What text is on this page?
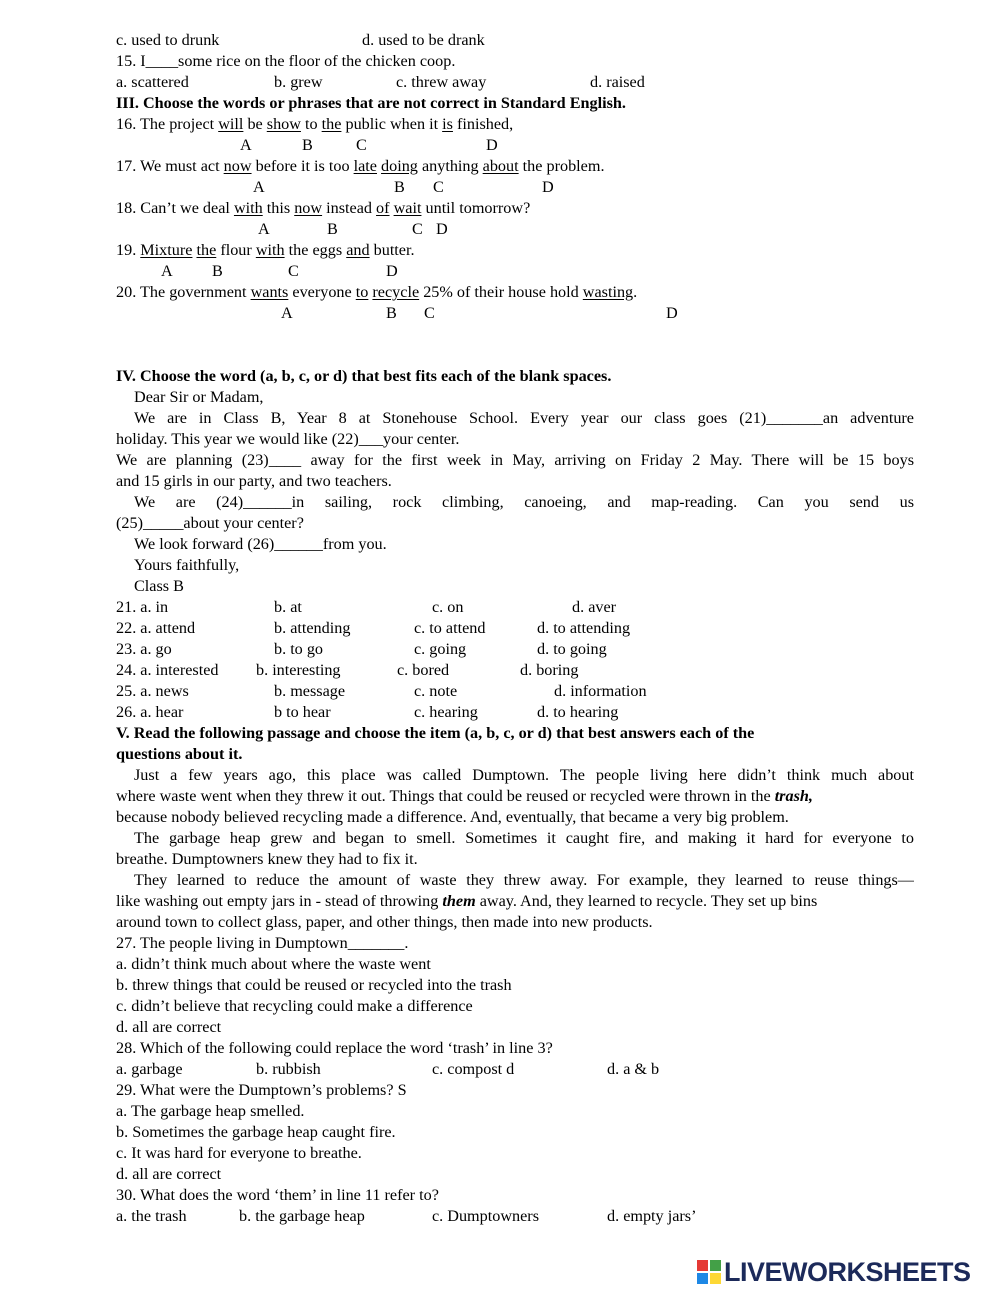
c. used to drunk	d. used to be drank
15. I____some rice on the floor of the chicken coop.
a. scattered	b. grew	c. threw away	d. raised
III. Choose the words or phrases that are not correct in Standard English.
16. The project will be show to the public when it is finished,
A	B	C	D
17. We must act now before it is too late doing anything about the problem.
A	B C	D
18. Can’t we deal with this now instead of wait until tomorrow?
A	B	C D
19. Mixture the flour with the eggs and butter.
A B	C	D
20. The government wants everyone to recycle 25% of their house hold wasting.
A	B C	D
IV. Choose the word (a, b, c, or d) that best fits each of the blank spaces.
Dear Sir or Madam,
We are in Class B, Year 8 at Stonehouse School. Every year our class goes (21)_______an adventure
holiday. This year we would like (22)___your center.
We are planning (23)____ away for the first week in May, arriving on Friday 2 May. There will be 15 boys
and 15 girls in our party, and two teachers.
We are (24)______in sailing, rock climbing, canoeing, and map-reading. Can you send us
(25)_____about your center?
We look forward (26)______from you.
Yours faithfully,
Class B
21. a. in	b. at	c. on	d. aver
22. a. attend	b. attending	c. to attend	d. to attending
23. a. go	b. to go	c. going	d. to going
24. a. interested b. interesting	c. bored	d. boring
25. a. news	b. message	c. note	d. information
26. a. hear	b to hear	c. hearing	d. to hearing
V. Read the following passage and choose the item (a, b, c, or d) that best answers each of the
questions about it.
Just a few years ago, this place was called Dumptown. The people living here didn’t think much about
where waste went when they threw it out. Things that could be reused or recycled were thrown in the trash,
because nobody believed recycling made a difference. And, eventually, that became a very big problem.
The garbage heap grew and began to smell. Sometimes it caught fire, and making it hard for everyone to
breathe. Dumptowners knew they had to fix it.
They learned to reduce the amount of waste they threw away. For example, they learned to reuse things—
like washing out empty jars in - stead of throwing them away. And, they learned to recycle. They set up bins
around town to collect glass, paper, and other things, then made into new products.
27. The people living in Dumptown_______.
a. didn’t think much about where the waste went
b. threw things that could be reused or recycled into the trash
c. didn’t believe that recycling could make a difference
d. all are correct
28. Which of the following could replace the word ‘trash’ in line 3?
a. garbage	b. rubbish	c. compost d	d. a & b
29. What were the Dumptown’s problems? S
a. The garbage heap smelled.
b. Sometimes the garbage heap caught fire.
c. It was hard for everyone to breathe.
d. all are correct
30. What does the word ‘them’ in line 11 refer to?
a. the trash	b. the garbage heap	c. Dumptowners	d. empty jars’
LIVEWORKSHEETS
